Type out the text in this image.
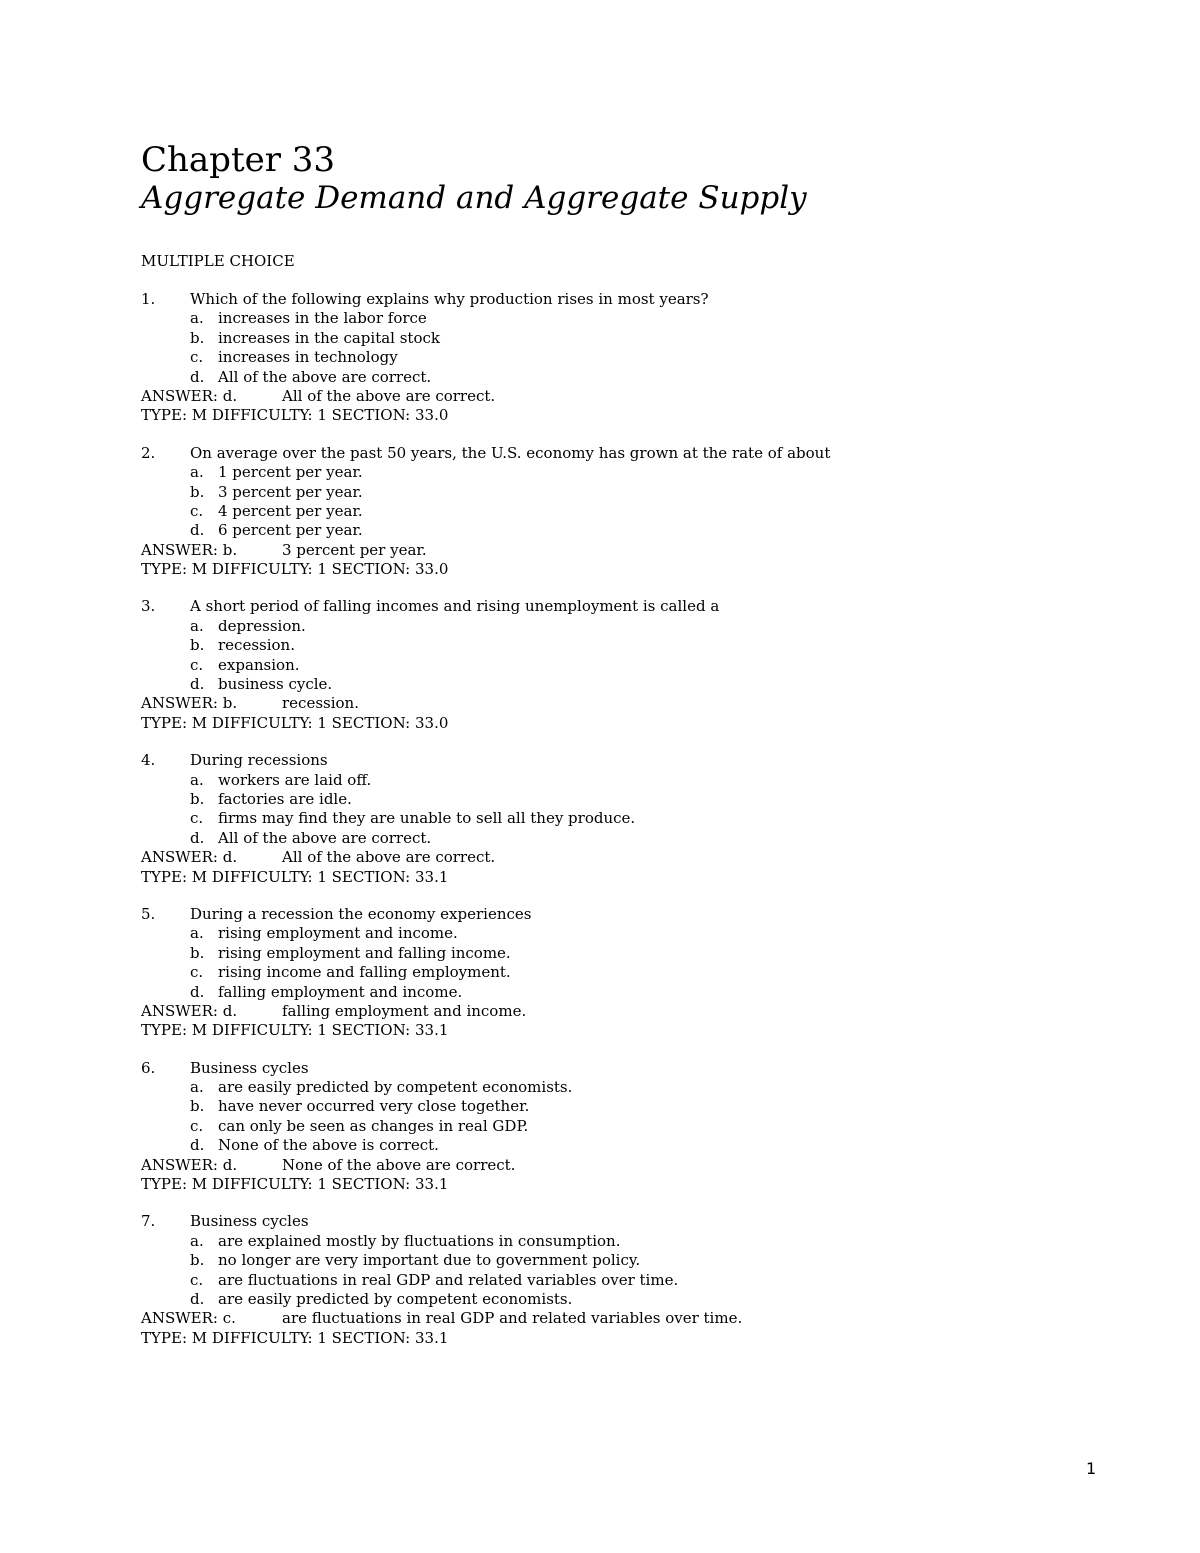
Chapter 33
Aggregate Demand and Aggregate Supply
MULTIPLE CHOICE
1. Which of the following explains why production rises in most years?
a. increases in the labor force
b. increases in the capital stock
c. increases in technology
d. All of the above are correct.
ANSWER: d.	All of the above are correct.
TYPE: M DIFFICULTY: 1 SECTION: 33.0
2. On average over the past 50 years, the U.S. economy has grown at the rate of about
a. 1 percent per year.
b. 3 percent per year.
c. 4 percent per year.
d. 6 percent per year.
ANSWER: b.	3 percent per year.
TYPE: M DIFFICULTY: 1 SECTION: 33.0
3. A short period of falling incomes and rising unemployment is called a
a. depression.
b. recession.
c. expansion.
d. business cycle.
ANSWER: b.	recession.
TYPE: M DIFFICULTY: 1 SECTION: 33.0
4. During recessions
a. workers are laid off.
b. factories are idle.
c. firms may find they are unable to sell all they produce.
d. All of the above are correct.
ANSWER: d.	All of the above are correct.
TYPE: M DIFFICULTY: 1 SECTION: 33.1
5. During a recession the economy experiences
a. rising employment and income.
b. rising employment and falling income.
c. rising income and falling employment.
d. falling employment and income.
ANSWER: d.	falling employment and income.
TYPE: M DIFFICULTY: 1 SECTION: 33.1
6. Business cycles
a. are easily predicted by competent economists.
b. have never occurred very close together.
c. can only be seen as changes in real GDP.
d. None of the above is correct.
ANSWER: d.	None of the above are correct.
TYPE: M DIFFICULTY: 1 SECTION: 33.1
7. Business cycles
a. are explained mostly by fluctuations in consumption.
b. no longer are very important due to government policy.
c. are fluctuations in real GDP and related variables over time.
d. are easily predicted by competent economists.
ANSWER: c.	are fluctuations in real GDP and related variables over time.
TYPE: M DIFFICULTY: 1 SECTION: 33.1
1
